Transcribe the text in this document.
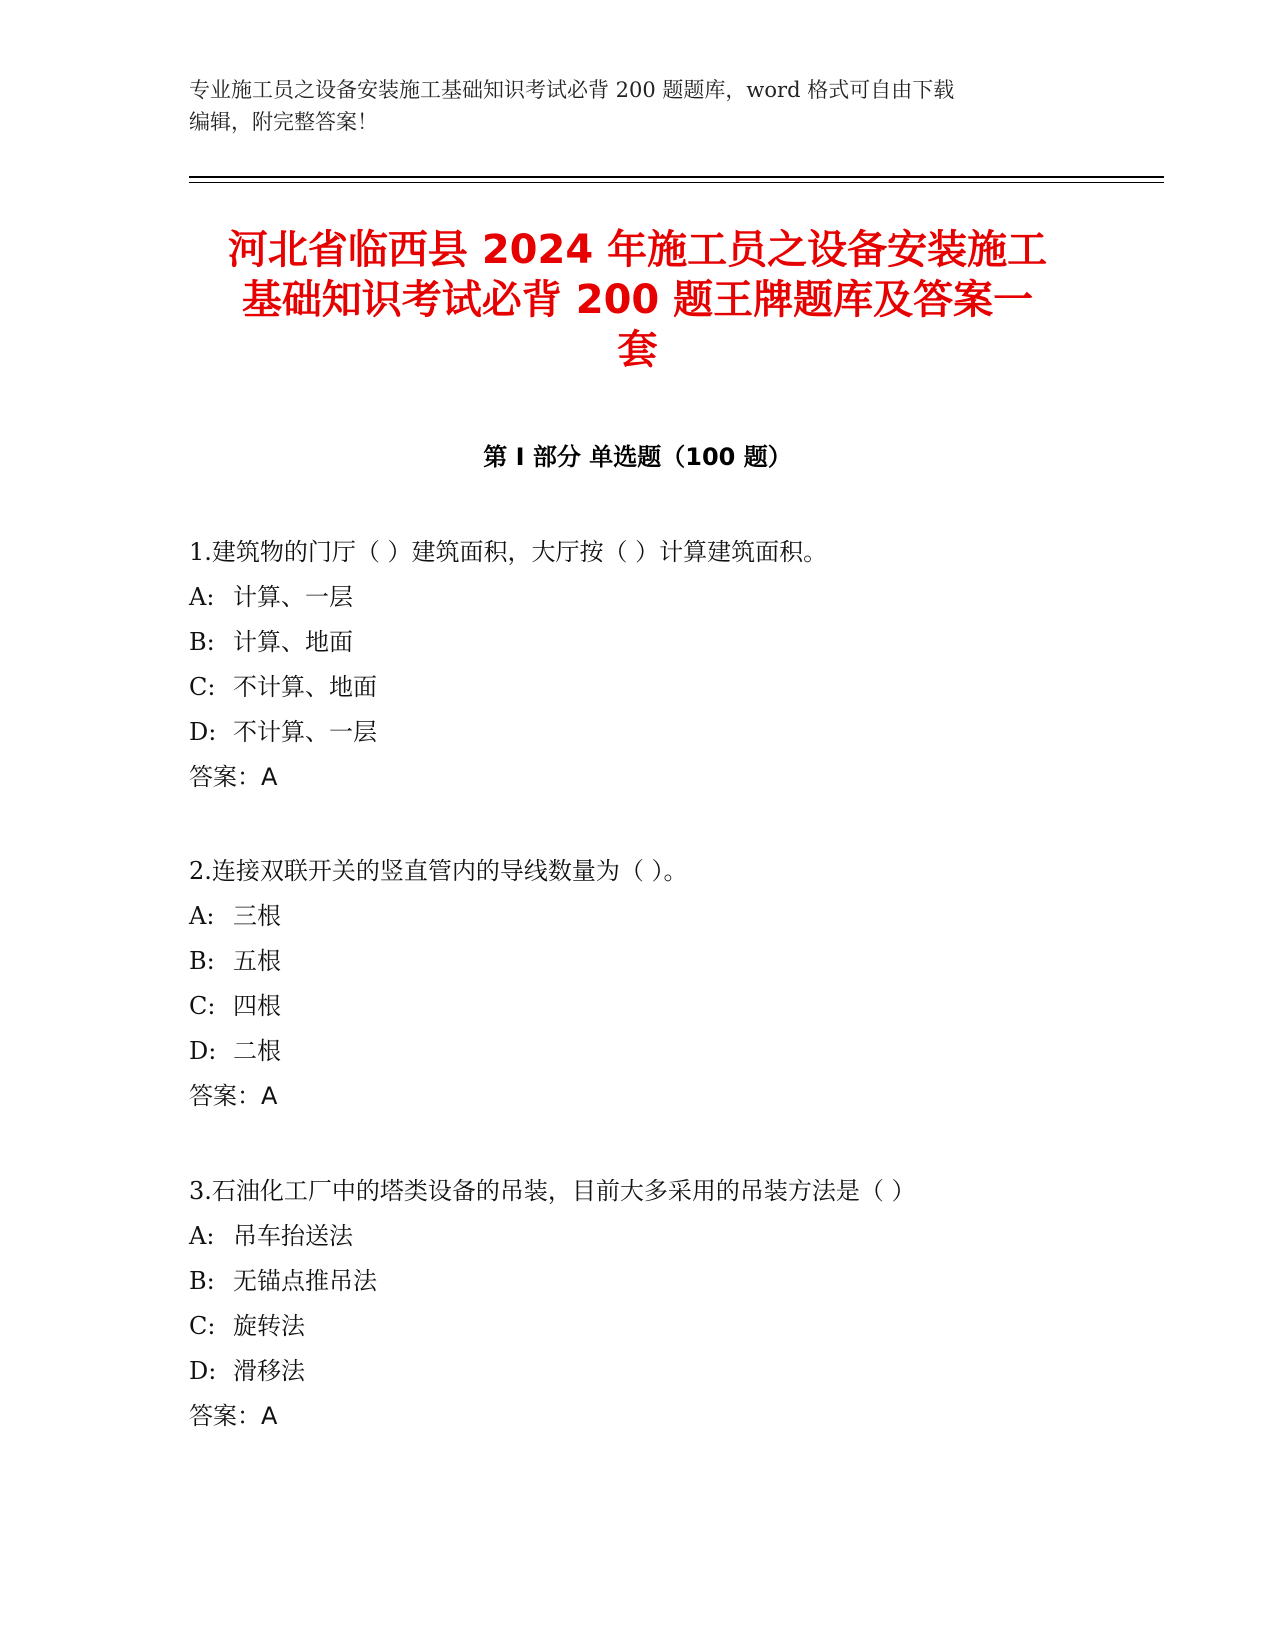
专业施工员之设备安装施工基础知识考试必背 200 题题库，word 格式可自由下载
编辑，附完整答案！
河北省临西县 2024 年施工员之设备安装施工
基础知识考试必背 200 题王牌题库及答案一
套
第 I 部分 单选题（100 题）
1.建筑物的门厅（ ）建筑面积，大厅按（ ）计算建筑面积。
A: 计算、一层
B: 计算、地面
C: 不计算、地面
D: 不计算、一层
答案：A
2.连接双联开关的竖直管内的导线数量为（ ）。
A: 三根
B: 五根
C: 四根
D: 二根
答案：A
3.石油化工厂中的塔类设备的吊装，目前大多采用的吊装方法是（ ）
A: 吊车抬送法
B: 无锚点推吊法
C: 旋转法
D: 滑移法
答案：A
